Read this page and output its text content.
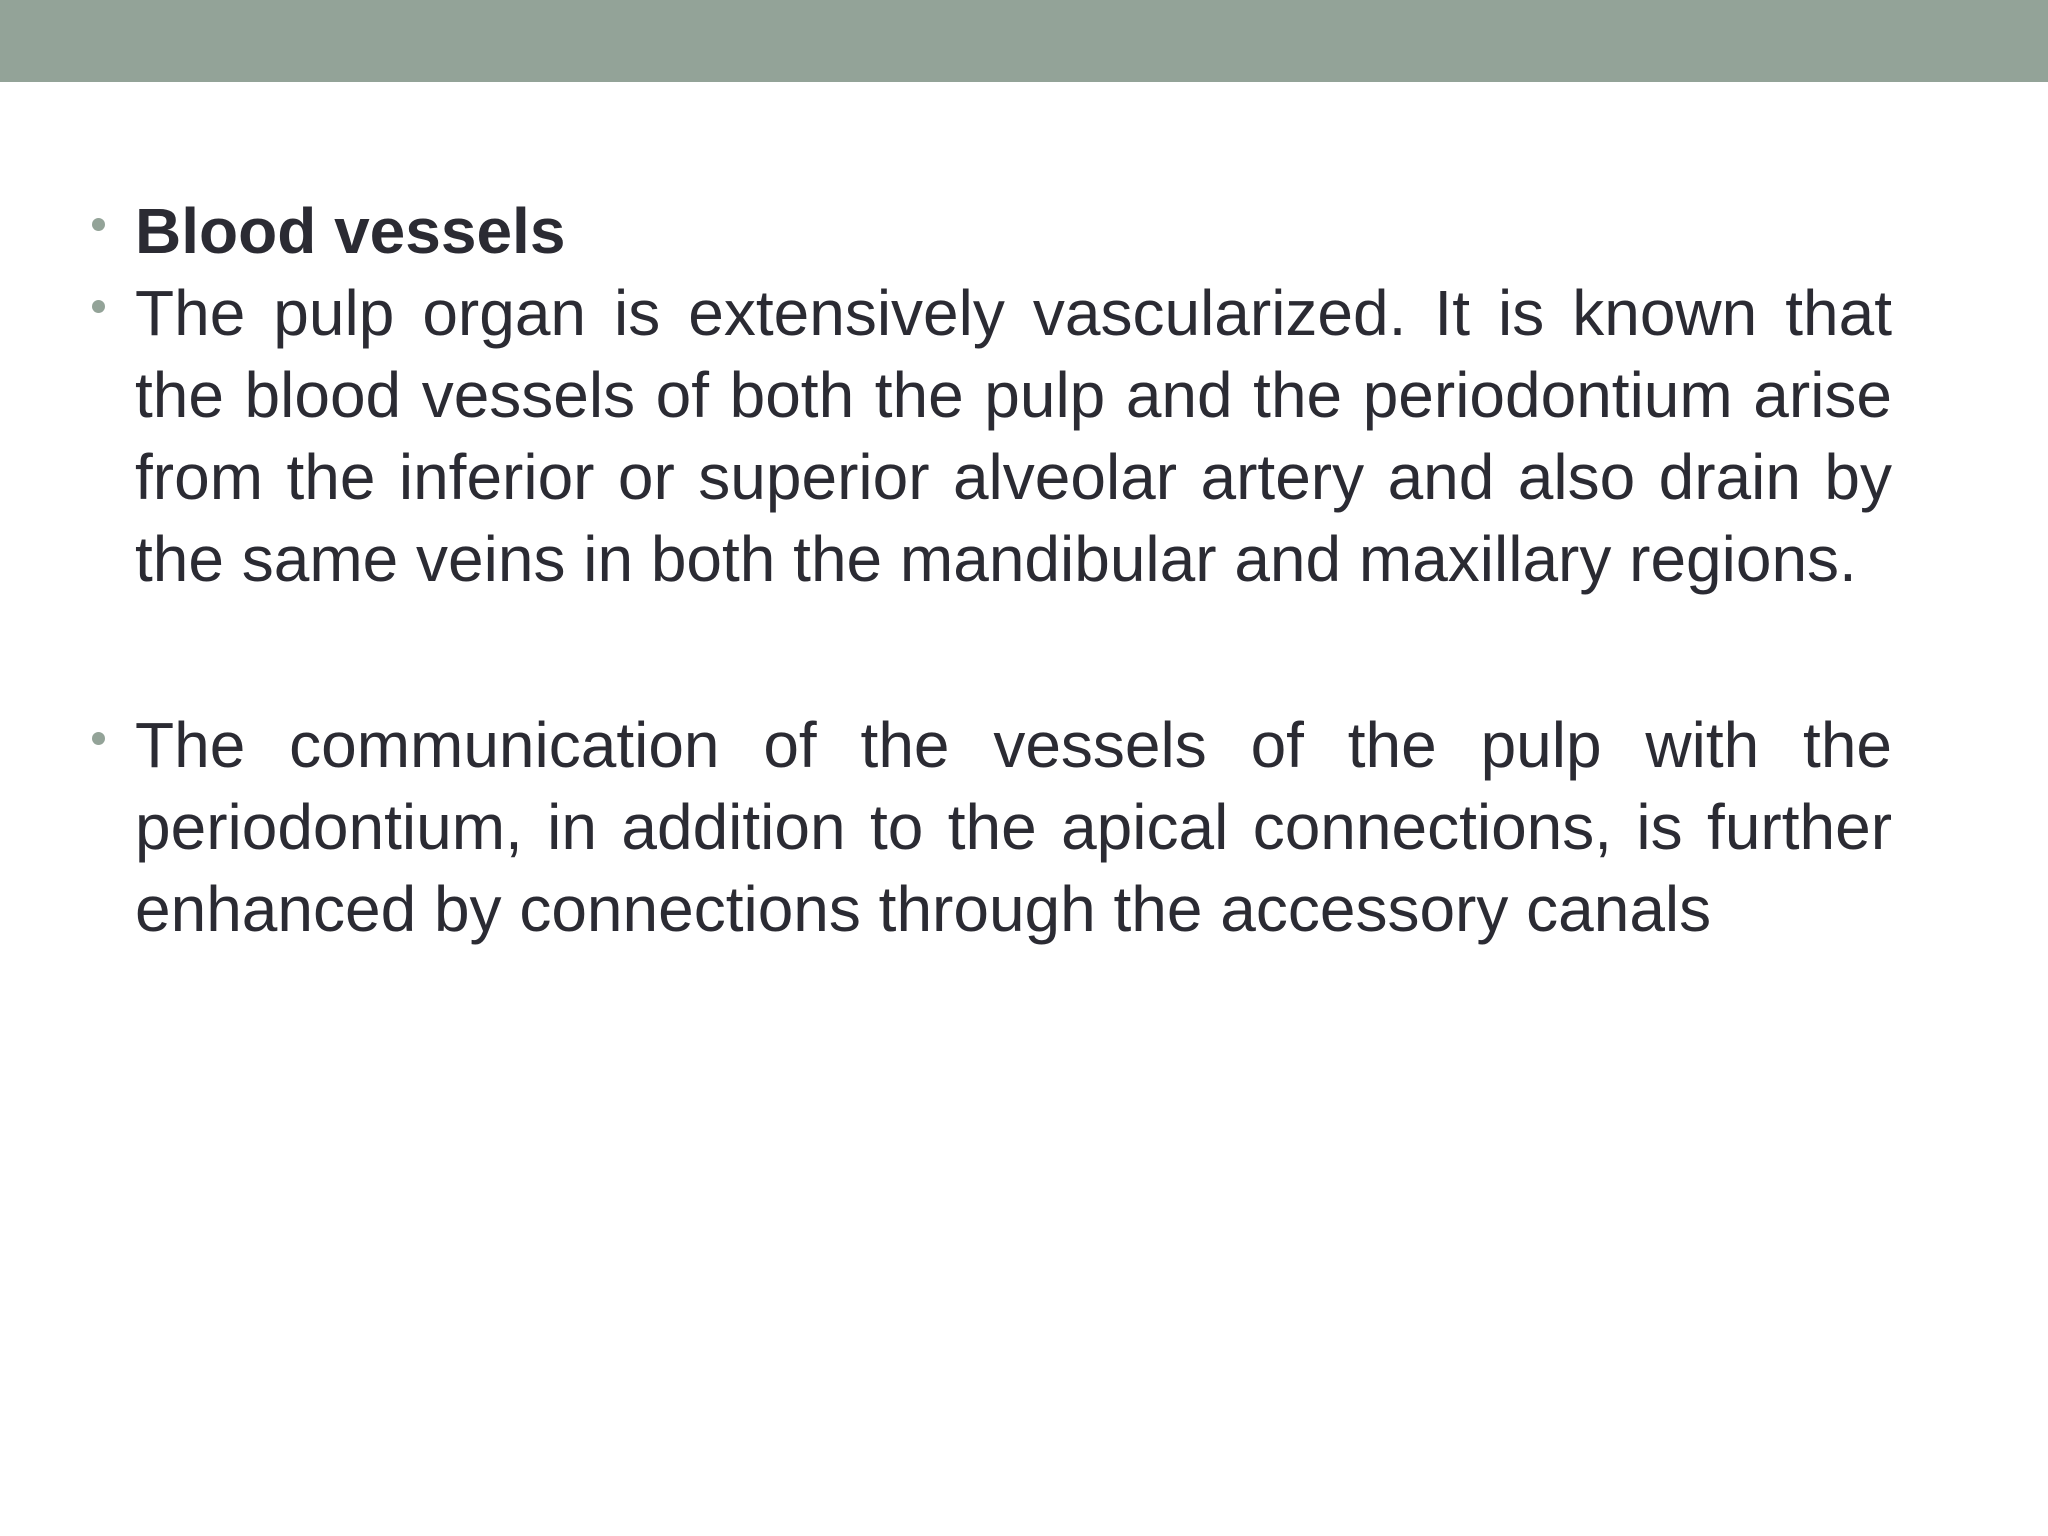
Blood vessels
The pulp organ is extensively vascularized. It is known that the blood vessels of both the pulp and the periodontium arise from the inferior or superior alveolar artery and also drain by the same veins in both the mandibular and maxillary regions.
The communication of the vessels of the pulp with the periodontium, in addition to the apical connections, is further enhanced by connections through the accessory canals
